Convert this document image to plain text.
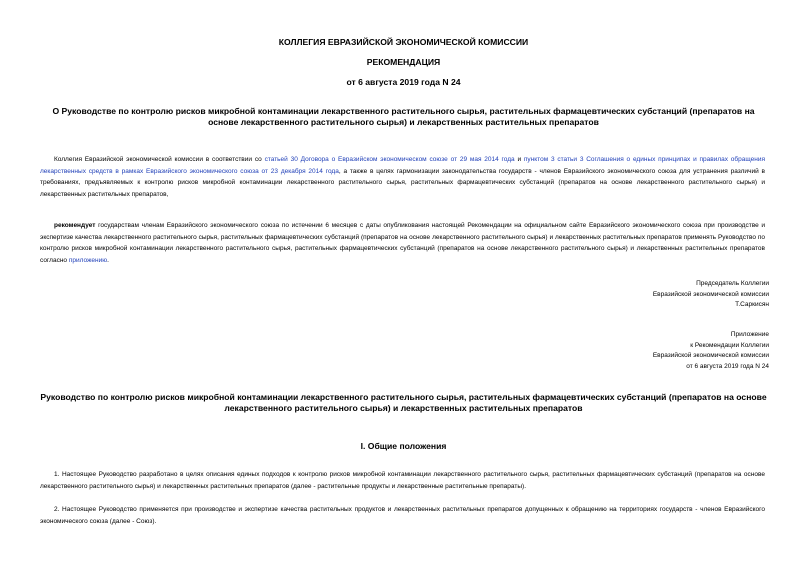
КОЛЛЕГИЯ ЕВРАЗИЙСКОЙ ЭКОНОМИЧЕСКОЙ КОМИССИИ
РЕКОМЕНДАЦИЯ
от 6 августа 2019 года N 24
О Руководстве по контролю рисков микробной контаминации лекарственного растительного сырья, растительных фармацевтических субстанций (препаратов на основе лекарственного растительного сырья) и лекарственных растительных препаратов
Коллегия Евразийской экономической комиссии в соответствии со статьей 30 Договора о Евразийском экономическом союзе от 29 мая 2014 года и пунктом 3 статьи 3 Соглашения о единых принципах и правилах обращения лекарственных средств в рамках Евразийского экономического союза от 23 декабря 2014 года, а также в целях гармонизации законодательства государств - членов Евразийского экономического союза для устранения различий в требованиях, предъявляемых к контролю рисков микробной контаминации лекарственного растительного сырья, растительных фармацевтических субстанций (препаратов на основе лекарственного растительного сырья) и лекарственных растительных препаратов,
рекомендует государствам членам Евразийского экономического союза по истечении 6 месяцев с даты опубликования настоящей Рекомендации на официальном сайте Евразийского экономического союза при производстве и экспертизе качества лекарственного растительного сырья, растительных фармацевтических субстанций (препаратов на основе лекарственного растительного сырья) и лекарственных растительных препаратов применять Руководство по контролю рисков микробной контаминации лекарственного растительного сырья, растительных фармацевтических субстанций (препаратов на основе лекарственного растительного сырья) и лекарственных растительных препаратов согласно приложению.
Председатель Коллегии
Евразийской экономической комиссии
Т.Саркисян
Приложение
к Рекомендации Коллегии
Евразийской экономической комиссии
от 6 августа 2019 года N 24
Руководство по контролю рисков микробной контаминации лекарственного растительного сырья, растительных фармацевтических субстанций (препаратов на основе лекарственного растительного сырья) и лекарственных растительных препаратов
I. Общие положения
1. Настоящее Руководство разработано в целях описания единых подходов к контролю рисков микробной контаминации лекарственного растительного сырья, растительных фармацевтических субстанций (препаратов на основе лекарственного растительного сырья) и лекарственных растительных препаратов (далее - растительные продукты и лекарственные растительные препараты).
2. Настоящее Руководство применяется при производстве и экспертизе качества растительных продуктов и лекарственных растительных препаратов допущенных к обращению на территориях государств - членов Евразийского экономического союза (далее - Союз).
